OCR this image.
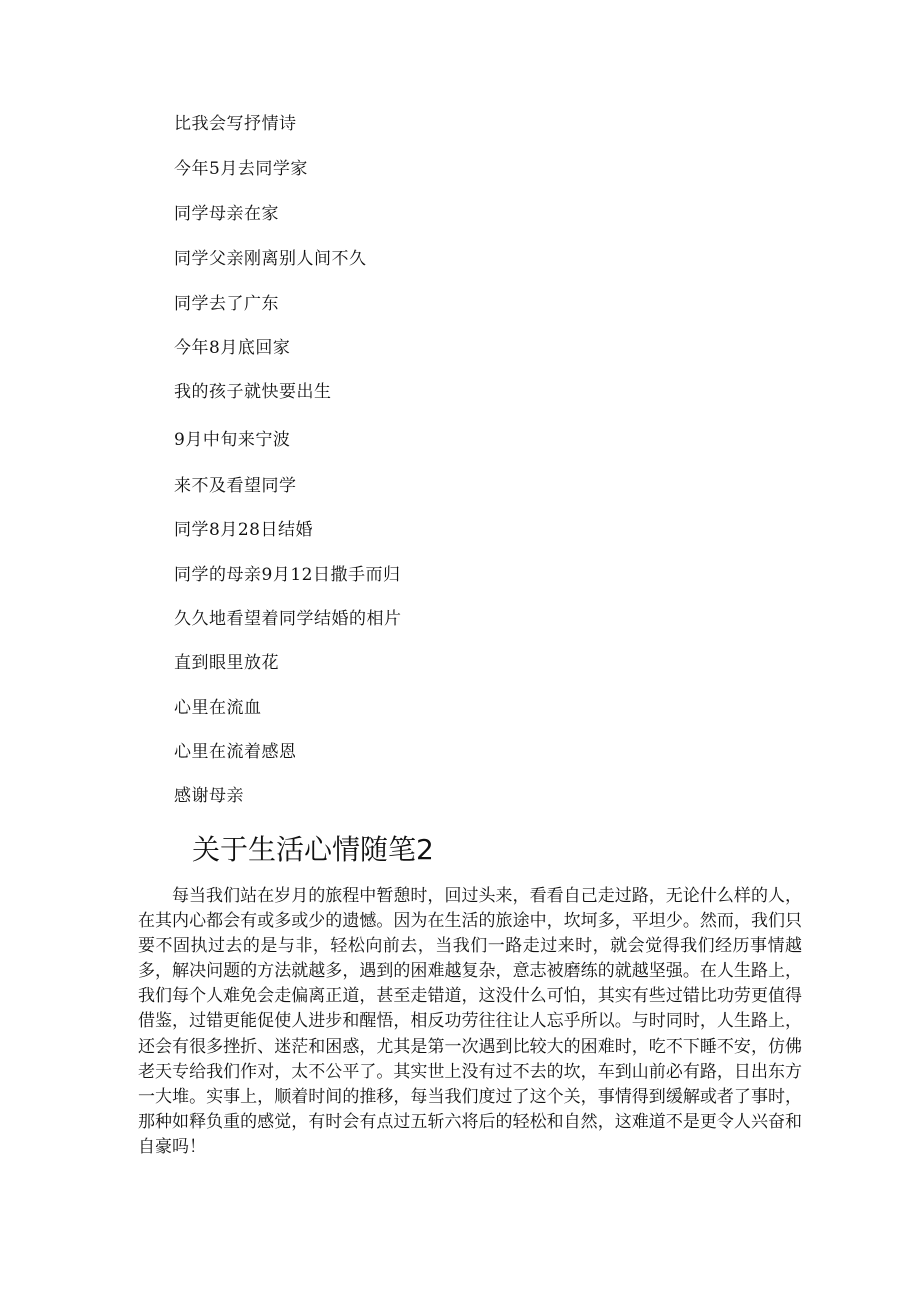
比我会写抒情诗
今年5月去同学家
同学母亲在家
同学父亲刚离别人间不久
同学去了广东
今年8月底回家
我的孩子就快要出生
9月中旬来宁波
来不及看望同学
同学8月28日结婚
同学的母亲9月12日撒手而归
久久地看望着同学结婚的相片
直到眼里放花
心里在流血
心里在流着感恩
感谢母亲
关于生活心情随笔2

每当我们站在岁月的旅程中暂憩时，回过头来，看看自己走过路，无论什么样的人，在其内心都会有或多或少的遗憾。因为在生活的旅途中，坎坷多，平坦少。然而，我们只要不固执过去的是与非，轻松向前去，当我们一路走过来时，就会觉得我们经历事情越多，解决问题的方法就越多，遇到的困难越复杂，意志被磨练的就越坚强。在人生路上，我们每个人难免会走偏离正道，甚至走错道，这没什么可怕，其实有些过错比功劳更值得借鉴，过错更能促使人进步和醒悟，相反功劳往往让人忘乎所以。与时同时，人生路上，还会有很多挫折、迷茫和困惑，尤其是第一次遇到比较大的困难时，吃不下睡不安，仿佛老天专给我们作对，太不公平了。其实世上没有过不去的坎，车到山前必有路，日出东方一大堆。实事上，顺着时间的推移，每当我们度过了这个关，事情得到缓解或者了事时，那种如释负重的感觉，有时会有点过五斩六将后的轻松和自然，这难道不是更令人兴奋和自豪吗！
